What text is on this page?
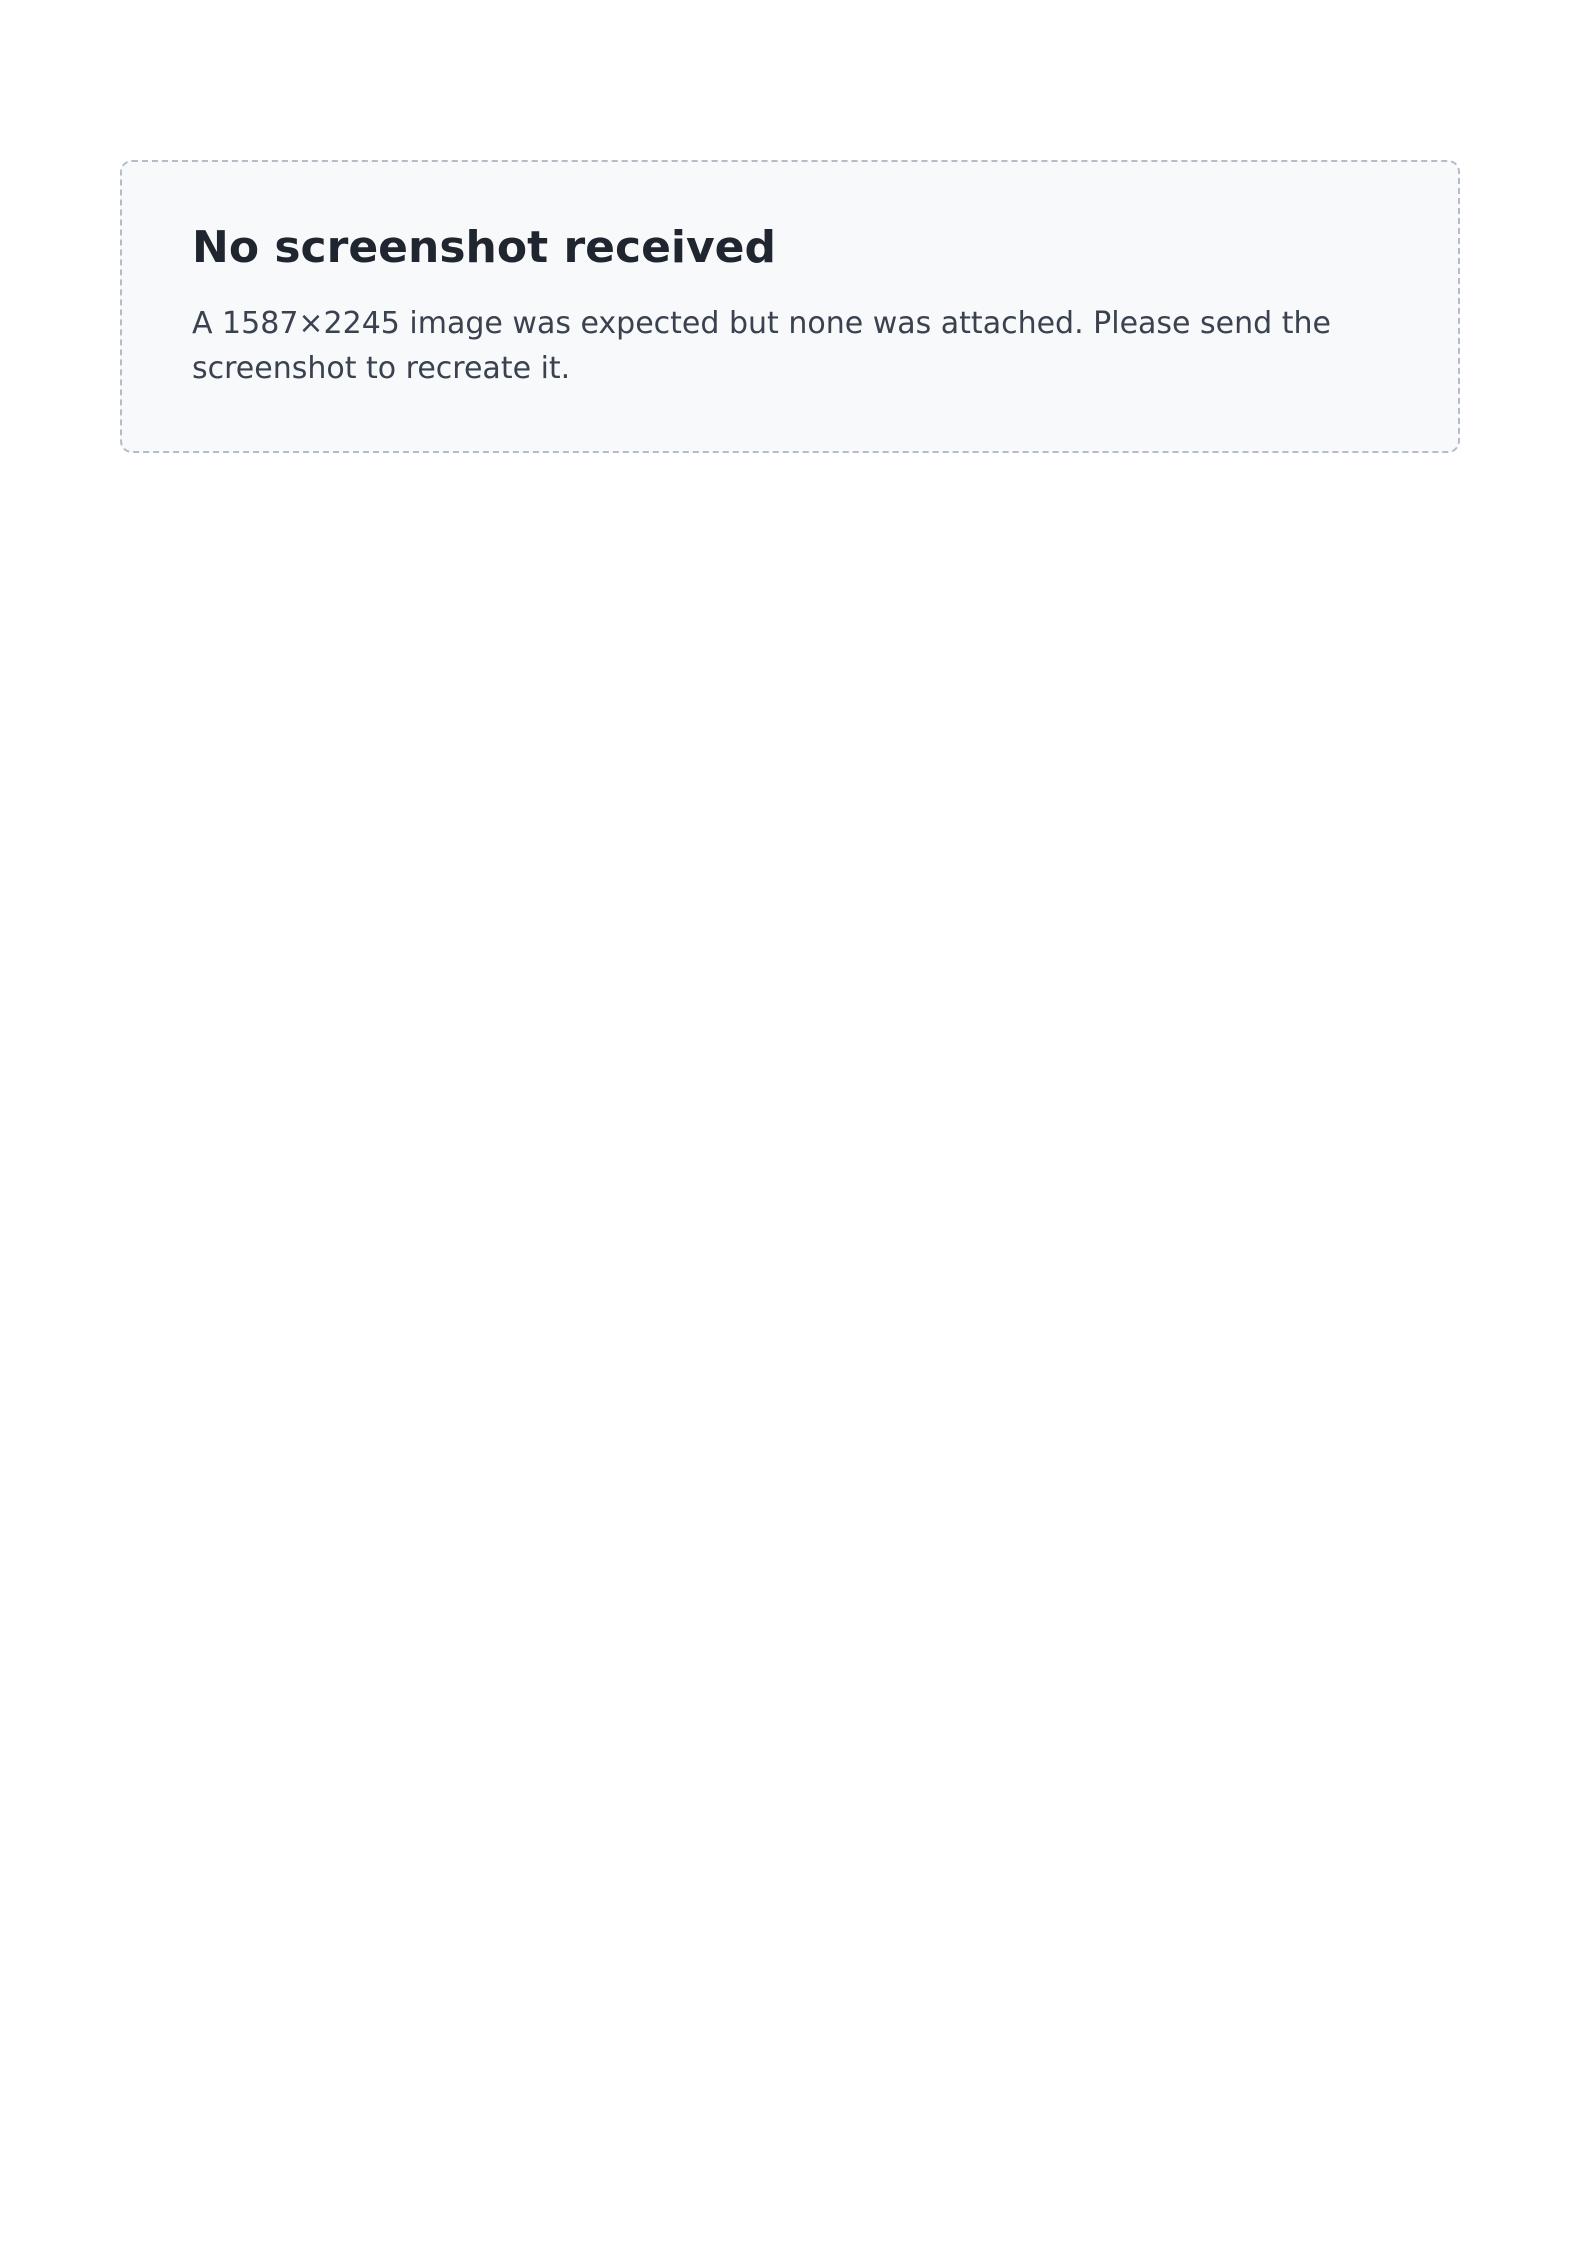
No screenshot received

A 1587×2245 image was expected but none was attached. Please send the screenshot to recreate it.
